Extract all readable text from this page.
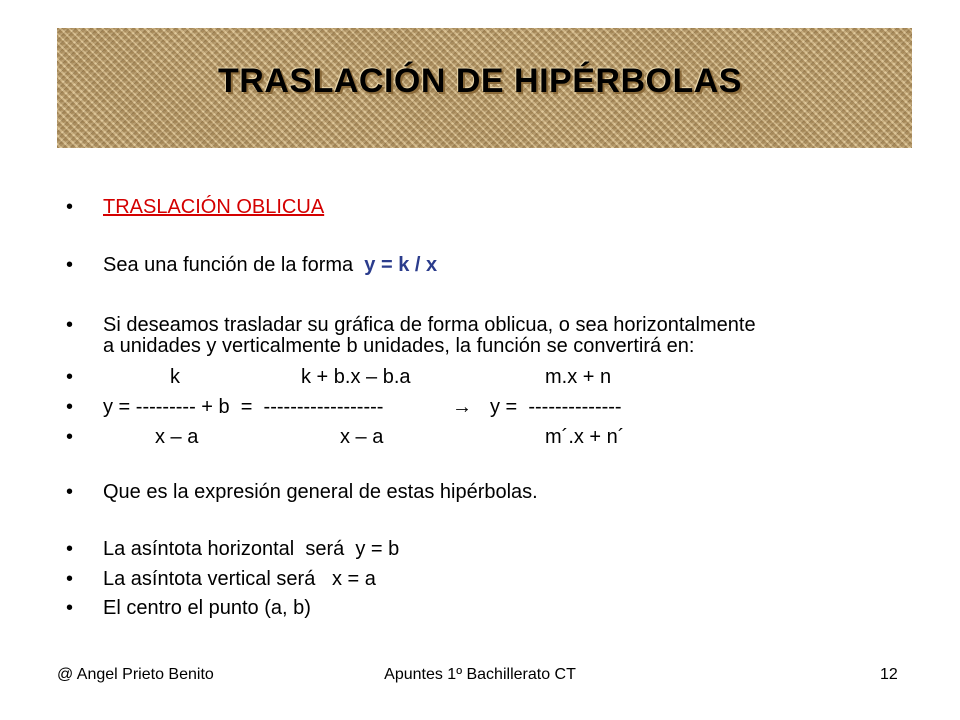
TRASLACIÓN DE HIPÉRBOLAS
• TRASLACIÓN OBLICUA
• Sea una función de la forma  y = k / x
• Si deseamos trasladar su gráfica de forma oblicua, o sea horizontalmente
a unidades y verticalmente b unidades, la función se convertirá en:
•	k	k + b.x – b.a	m.x + n
• y = --------- + b  =  ------------------	→ y =  --------------
•	x – a	x – a	m´.x + n´
• Que es la expresión general de estas hipérbolas.
• La asíntota horizontal  será  y = b
• La asíntota vertical será   x = a
• El centro el punto (a, b)
@ Angel Prieto Benito	Apuntes 1º Bachillerato CT	12
